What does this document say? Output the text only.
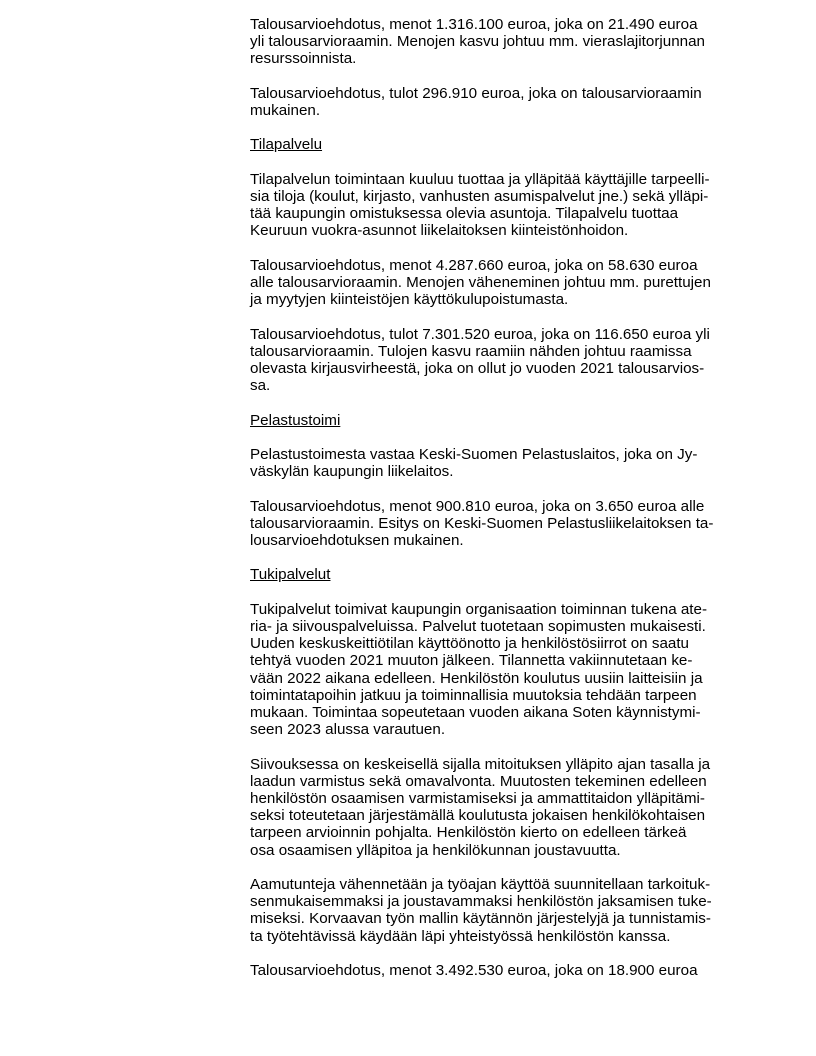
Talousarvioehdotus, menot 1.316.100 euroa, joka on 21.490 euroa
yli talousarvioraamin. Menojen kasvu johtuu mm. vieraslajitorjunnan
resurssoinnista.
Talousarvioehdotus, tulot 296.910 euroa, joka on talousarvioraamin
mukainen.
Tilapalvelu
Tilapalvelun toimintaan kuuluu tuottaa ja ylläpitää käyttäjille tarpeelli-
sia tiloja (koulut, kirjasto, vanhusten asumispalvelut jne.) sekä ylläpi-
tää kaupungin omistuksessa olevia asuntoja. Tilapalvelu tuottaa
Keuruun vuokra-asunnot liikelaitoksen kiinteistönhoidon.
Talousarvioehdotus, menot 4.287.660 euroa, joka on 58.630 euroa
alle talousarvioraamin. Menojen väheneminen johtuu mm. purettujen
ja myytyjen kiinteistöjen käyttökulupoistumasta.
Talousarvioehdotus, tulot 7.301.520 euroa, joka on 116.650 euroa yli
talousarvioraamin. Tulojen kasvu raamiin nähden johtuu raamissa
olevasta kirjausvirheestä, joka on ollut jo vuoden 2021 talousarvios-
sa.
Pelastustoimi
Pelastustoimesta vastaa Keski-Suomen Pelastuslaitos, joka on Jy-
väskylän kaupungin liikelaitos.
Talousarvioehdotus, menot 900.810 euroa, joka on 3.650 euroa alle
talousarvioraamin. Esitys on Keski-Suomen Pelastusliikelaitoksen ta-
lousarvioehdotuksen mukainen.
Tukipalvelut
Tukipalvelut toimivat kaupungin organisaation toiminnan tukena ate-
ria- ja siivouspalveluissa. Palvelut tuotetaan sopimusten mukaisesti.
Uuden keskuskeittiötilan käyttöönotto ja henkilöstösiirrot on saatu
tehtyä vuoden 2021 muuton jälkeen. Tilannetta vakiinnutetaan ke-
vään 2022 aikana edelleen. Henkilöstön koulutus uusiin laitteisiin ja
toimintatapoihin jatkuu ja toiminnallisia muutoksia tehdään tarpeen
mukaan. Toimintaa sopeutetaan vuoden aikana Soten käynnistymi-
seen 2023 alussa varautuen.
Siivouksessa on keskeisellä sijalla mitoituksen ylläpito ajan tasalla ja
laadun varmistus sekä omavalvonta. Muutosten tekeminen edelleen
henkilöstön osaamisen varmistamiseksi ja ammattitaidon ylläpitämi-
seksi toteutetaan järjestämällä koulutusta jokaisen henkilökohtaisen
tarpeen arvioinnin pohjalta. Henkilöstön kierto on edelleen tärkeä
osa osaamisen ylläpitoa ja henkilökunnan joustavuutta.
Aamutunteja vähennetään ja työajan käyttöä suunnitellaan tarkoituk-
senmukaisemmaksi ja joustavammaksi henkilöstön jaksamisen tuke-
miseksi. Korvaavan työn mallin käytännön järjestelyjä ja tunnistamis-
ta työtehtävissä käydään läpi yhteistyössä henkilöstön kanssa.
Talousarvioehdotus, menot 3.492.530 euroa, joka on 18.900 euroa
